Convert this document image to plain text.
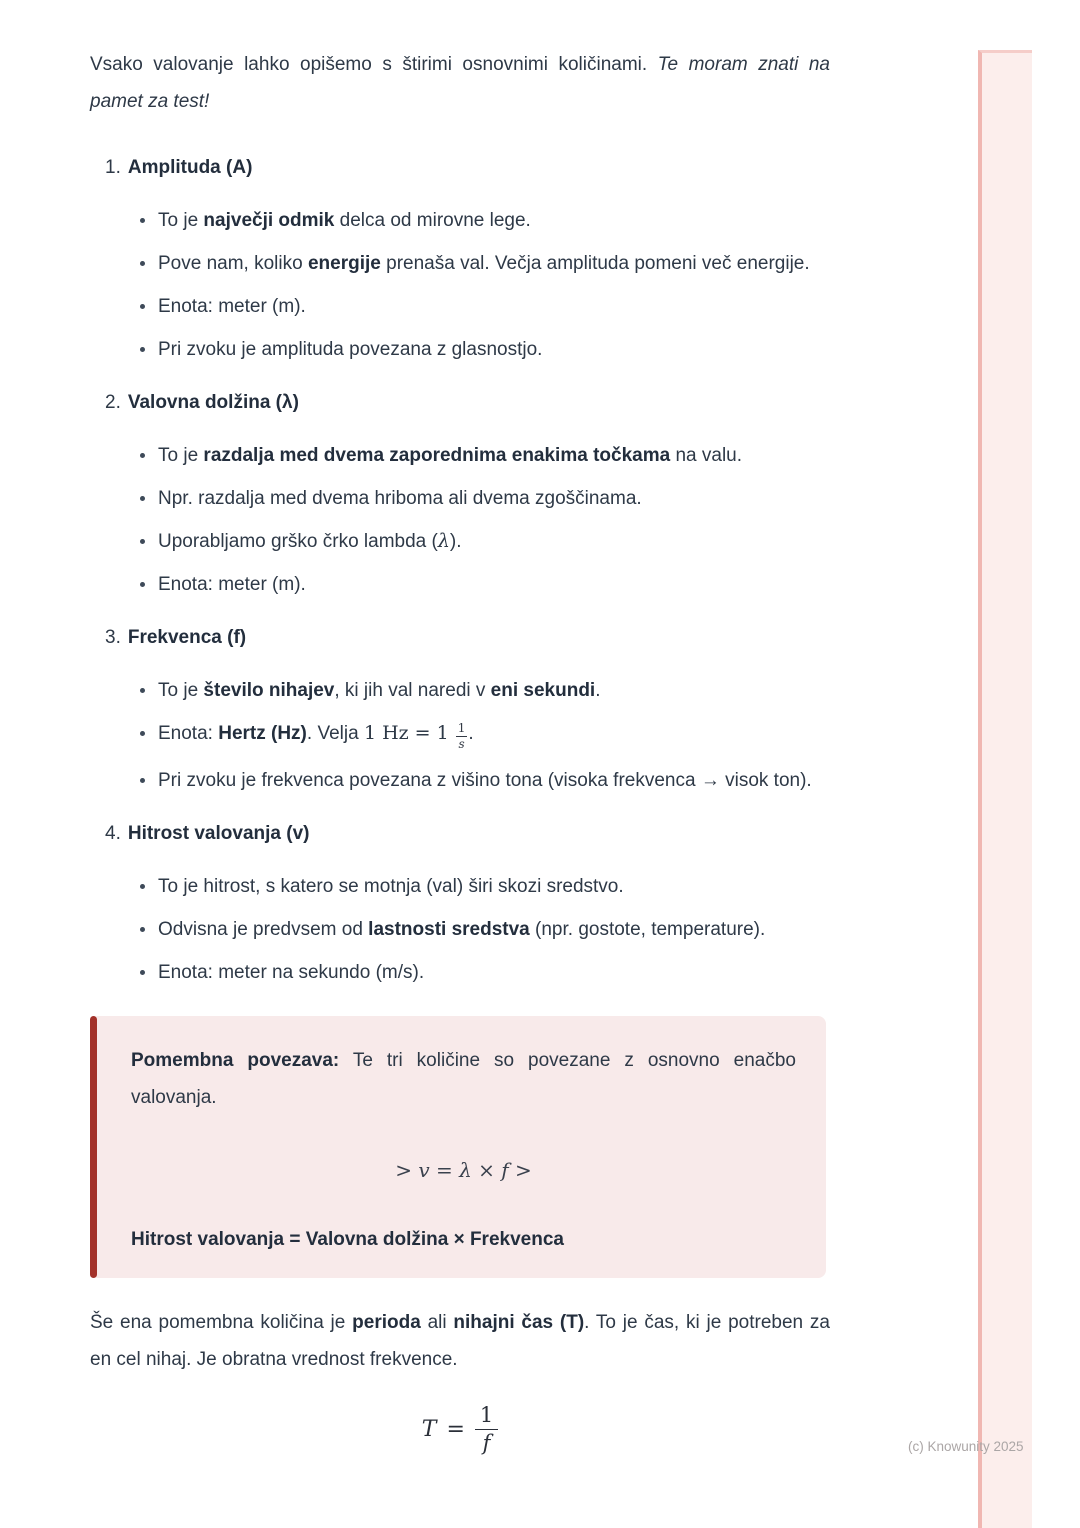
(c) Knowunity 2025

Vsako valovanje lahko opišemo s štirimi osnovnimi količinami. Te moram znati na pamet za test!

1. Amplituda (A)

To je največji odmik delca od mirovne lege.
Pove nam, koliko energije prenaša val. Večja amplituda pomeni več energije.
Enota: meter (m).
Pri zvoku je amplituda povezana z glasnostjo.

2. Valovna dolžina (λ)

To je razdalja med dvema zaporednima enakima točkama na valu.
Npr. razdalja med dvema hriboma ali dvema zgoščinama.
Uporabljamo grško črko lambda (λ).
Enota: meter (m).

3. Frekvenca (f)

To je število nihajev, ki jih val naredi v eni sekundi.
Enota: Hertz (Hz). Velja 1 $Hz = 1 \frac{1}{s}$ .
Pri zvoku je frekvenca povezana z višino tona (visoka frekvenca → visok ton).

4. Hitrost valovanja (v)

To je hitrost, s katero se motnja (val) širi skozi sredstvo.
Odvisna je predvsem od lastnosti sredstva (npr. gostote, temperature).
Enota: meter na sekundo (m/s).

Pomembna povezava: Te tri količine so povezane z osnovno enačbo valovanja.

> v = λ × f >

Hitrost valovanja = Valovna dolžina × Frekvenca

Še ena pomembna količina je perioda ali nihajni čas (T). To je čas, ki je potreben za en cel nihaj. Je obratna vrednost frekvence.

$T = \frac{1}{f}$
